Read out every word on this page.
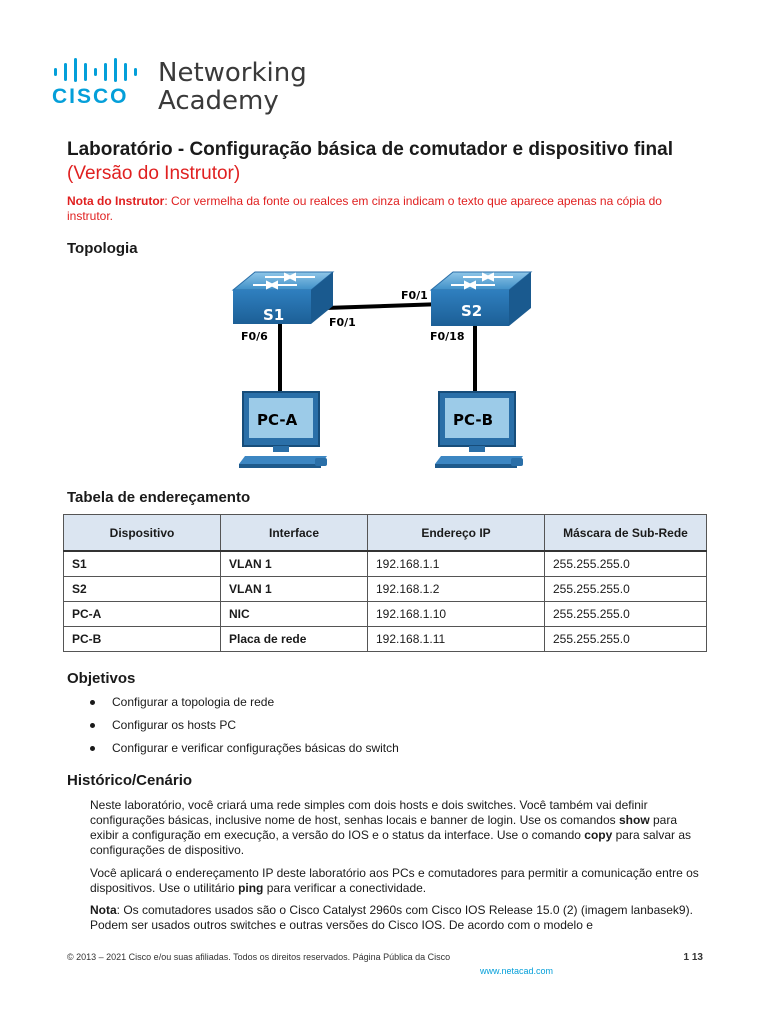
CISCO
Networking
Academy
Laboratório - Configuração básica de comutador e dispositivo final (Versão do Instrutor)
Nota do Instrutor: Cor vermelha da fonte ou realces em cinza indicam o texto que aparece apenas na cópia do instrutor.
Topologia
S1	S2
F0/1
F0/1
F0/6	F0/18
PC-A	PC-B
Tabela de endereçamento
Dispositivo	Interface	Endereço IP	Máscara de Sub-Rede
S1	VLAN 1	192.168.1.1	255.255.255.0
S2	VLAN 1	192.168.1.2	255.255.255.0
PC-A	NIC	192.168.1.10	255.255.255.0
PC-B	Placa de rede	192.168.1.11	255.255.255.0
Objetivos
Configurar a topologia de rede
Configurar os hosts PC
Configurar e verificar configurações básicas do switch
Histórico/Cenário
Neste laboratório, você criará uma rede simples com dois hosts e dois switches. Você também vai definir configurações básicas, inclusive nome de host, senhas locais e banner de login. Use os comandos show para exibir a configuração em execução, a versão do IOS e o status da interface. Use o comando copy para salvar as configurações de dispositivo.
Você aplicará o endereçamento IP deste laboratório aos PCs e comutadores para permitir a comunicação entre os dispositivos. Use o utilitário ping para verificar a conectividade.
Nota: Os comutadores usados são o Cisco Catalyst 2960s com Cisco IOS Release 15.0 (2) (imagem lanbasek9). Podem ser usados outros switches e outras versões do Cisco IOS. De acordo com o modelo e
© 2013 – 2021 Cisco e/ou suas afiliadas. Todos os direitos reservados. Página Pública da Cisco	1 13
www.netacad.com
